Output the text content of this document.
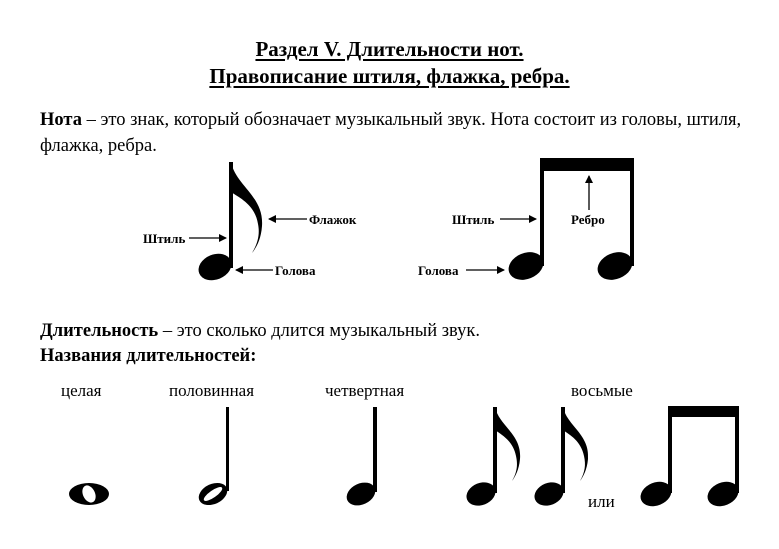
Раздел V. Длительности нот.
Правописание штиля, флажка, ребра.
Нота – это знак, который обозначает музыкальный звук. Нота состоит из головы, штиля, флажка, ребра.
Штиль
Флажок
Голова
Штиль	Ребро
Голова
Длительность – это сколько длится музыкальный звук.
Названия длительностей:
целая	половинная	четвертная	восьмые
или
